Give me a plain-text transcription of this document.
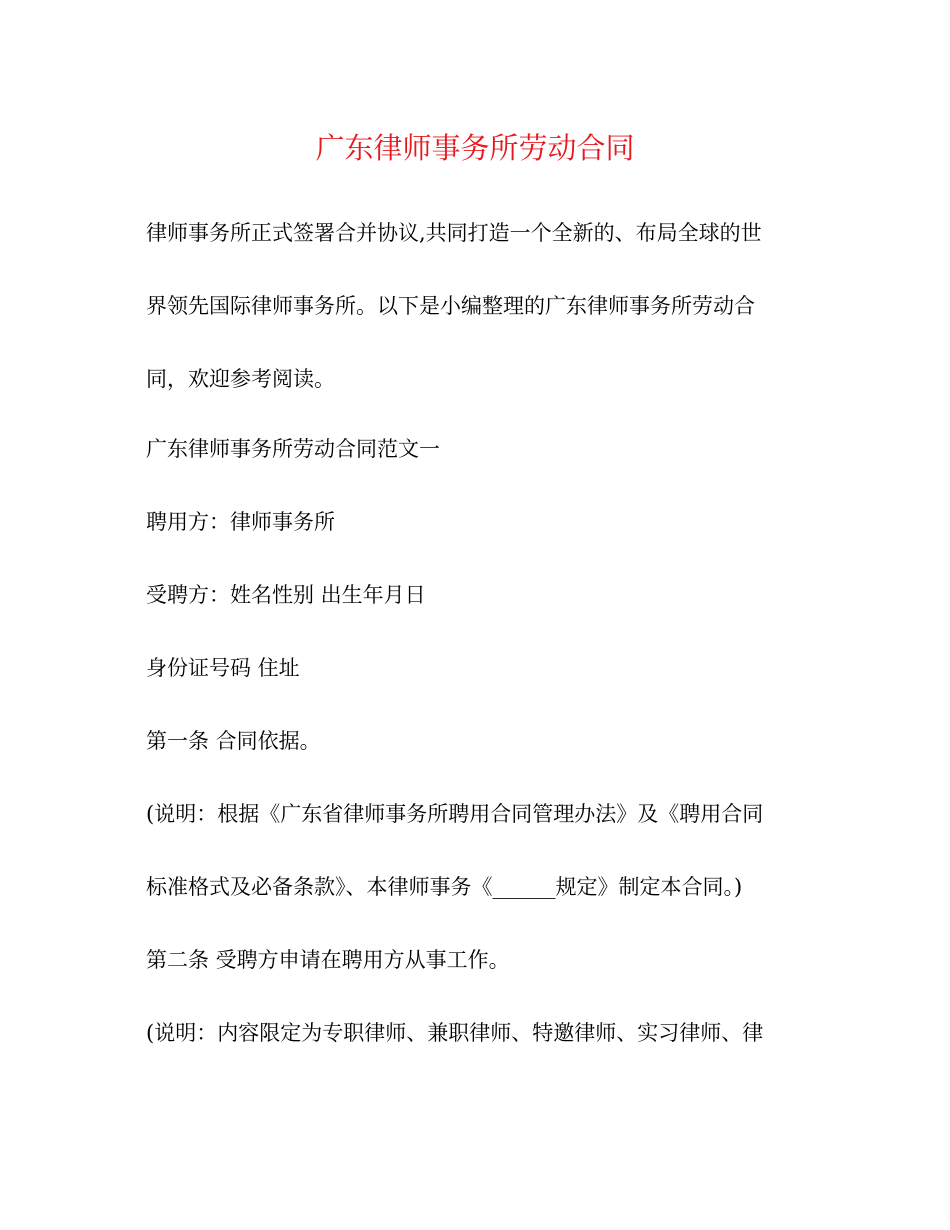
广东律师事务所劳动合同
律师事务所正式签署合并协议,共同打造一个全新的、布局全球的世
界领先国际律师事务所。以下是小编整理的广东律师事务所劳动合
同，欢迎参考阅读。
广东律师事务所劳动合同范文一
聘用方：律师事务所
受聘方：姓名性别 出生年月日
身份证号码 住址
第一条 合同依据。
(说明：根据《广东省律师事务所聘用合同管理办法》及《聘用合同
标准格式及必备条款》、本律师事务《______规定》制定本合同。)
第二条 受聘方申请在聘用方从事工作。
(说明：内容限定为专职律师、兼职律师、特邀律师、实习律师、律
